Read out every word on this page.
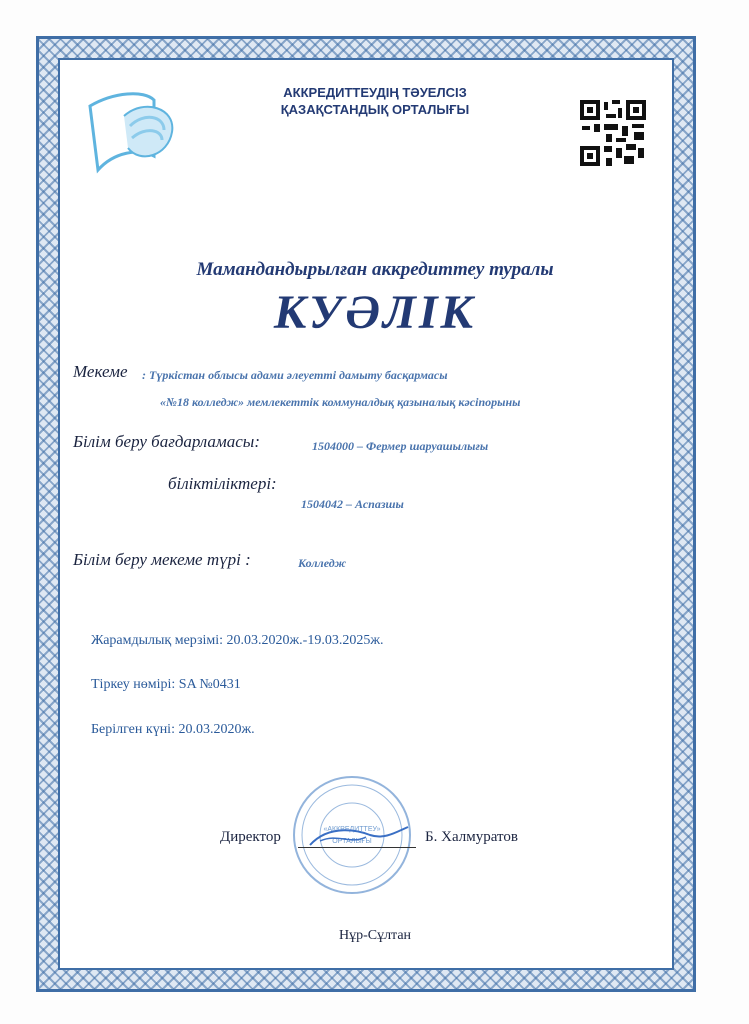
АККРЕДИТТЕУДІҢ ТӘУЕЛСІЗ
ҚАЗАҚСТАНДЫҚ ОРТАЛЫҒЫ
Мамандандырылған аккредиттеу туралы
КУӘЛІК
Мекеме : Түркістан облысы адами әлеуетті дамыту басқармасы
«№18 колледж» мемлекеттік коммуналдық қазыналық кәсіпорыны
Білім беру бағдарламасы:	1504000 – Фермер шаруашылығы
біліктіліктері:
1504042 – Аспазшы
Білім беру мекеме түрі :	Колледж
Жарамдылық мерзімі: 20.03.2020ж.-19.03.2025ж.
Тіркеу нөмірі: SA №0431
Берілген күні: 20.03.2020ж.
«АККРЕДИТТЕУ»
ОРТАЛЫҒЫ
Директор	Б. Халмуратов
Нұр-Сұлтан
